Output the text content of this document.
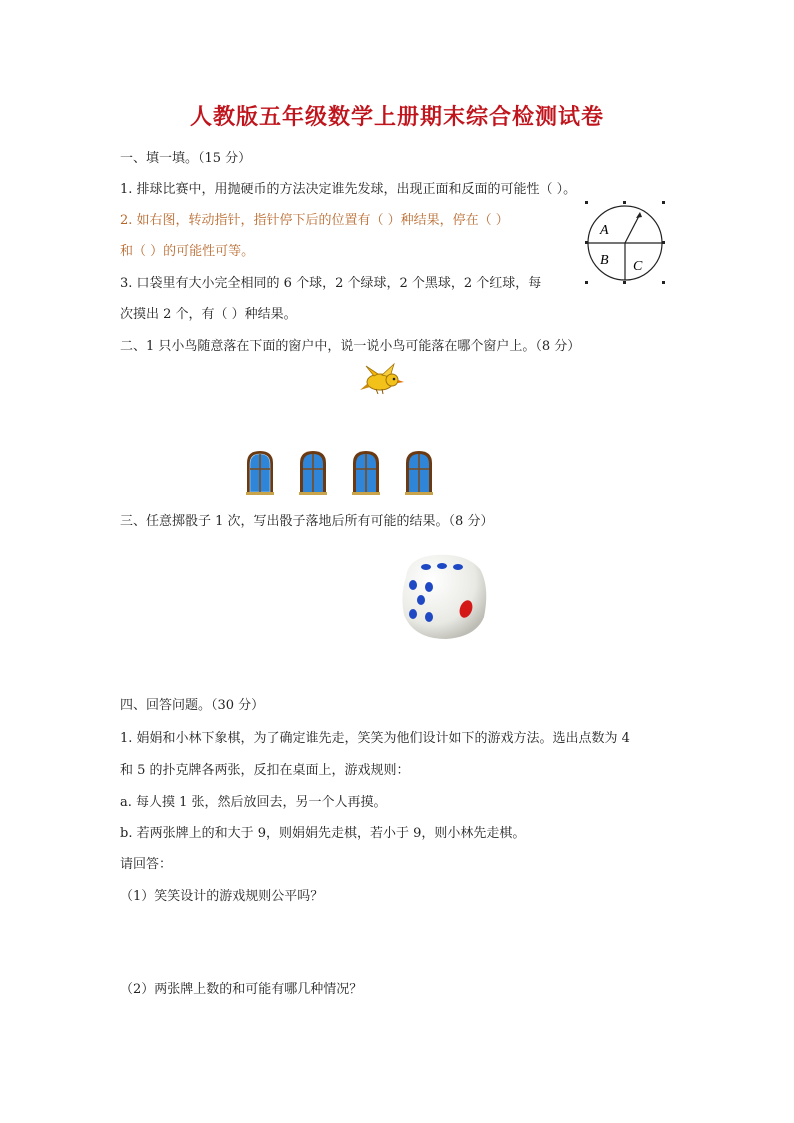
人教版五年级数学上册期末综合检测试卷
一、填一填。（15 分）
1. 排球比赛中，用抛硬币的方法决定谁先发球，出现正面和反面的可能性（ ）。
2. 如右图，转动指针，指针停下后的位置有（ ）种结果，停在（ ）
和（ ）的可能性可等。
3. 口袋里有大小完全相同的 6 个球，2 个绿球，2 个黑球，2 个红球，每
次摸出 2 个，有（ ）种结果。
A
B C
二、1 只小鸟随意落在下面的窗户中，说一说小鸟可能落在哪个窗户上。（8 分）
三、任意掷骰子 1 次，写出骰子落地后所有可能的结果。（8 分）
四、回答问题。（30 分）
1. 娟娟和小林下象棋，为了确定谁先走，笑笑为他们设计如下的游戏方法。选出点数为 4
和 5 的扑克牌各两张，反扣在桌面上，游戏规则：
a. 每人摸 1 张，然后放回去，另一个人再摸。
b. 若两张牌上的和大于 9，则娟娟先走棋，若小于 9，则小林先走棋。
请回答：
（1）笑笑设计的游戏规则公平吗？
（2）两张牌上数的和可能有哪几种情况？
